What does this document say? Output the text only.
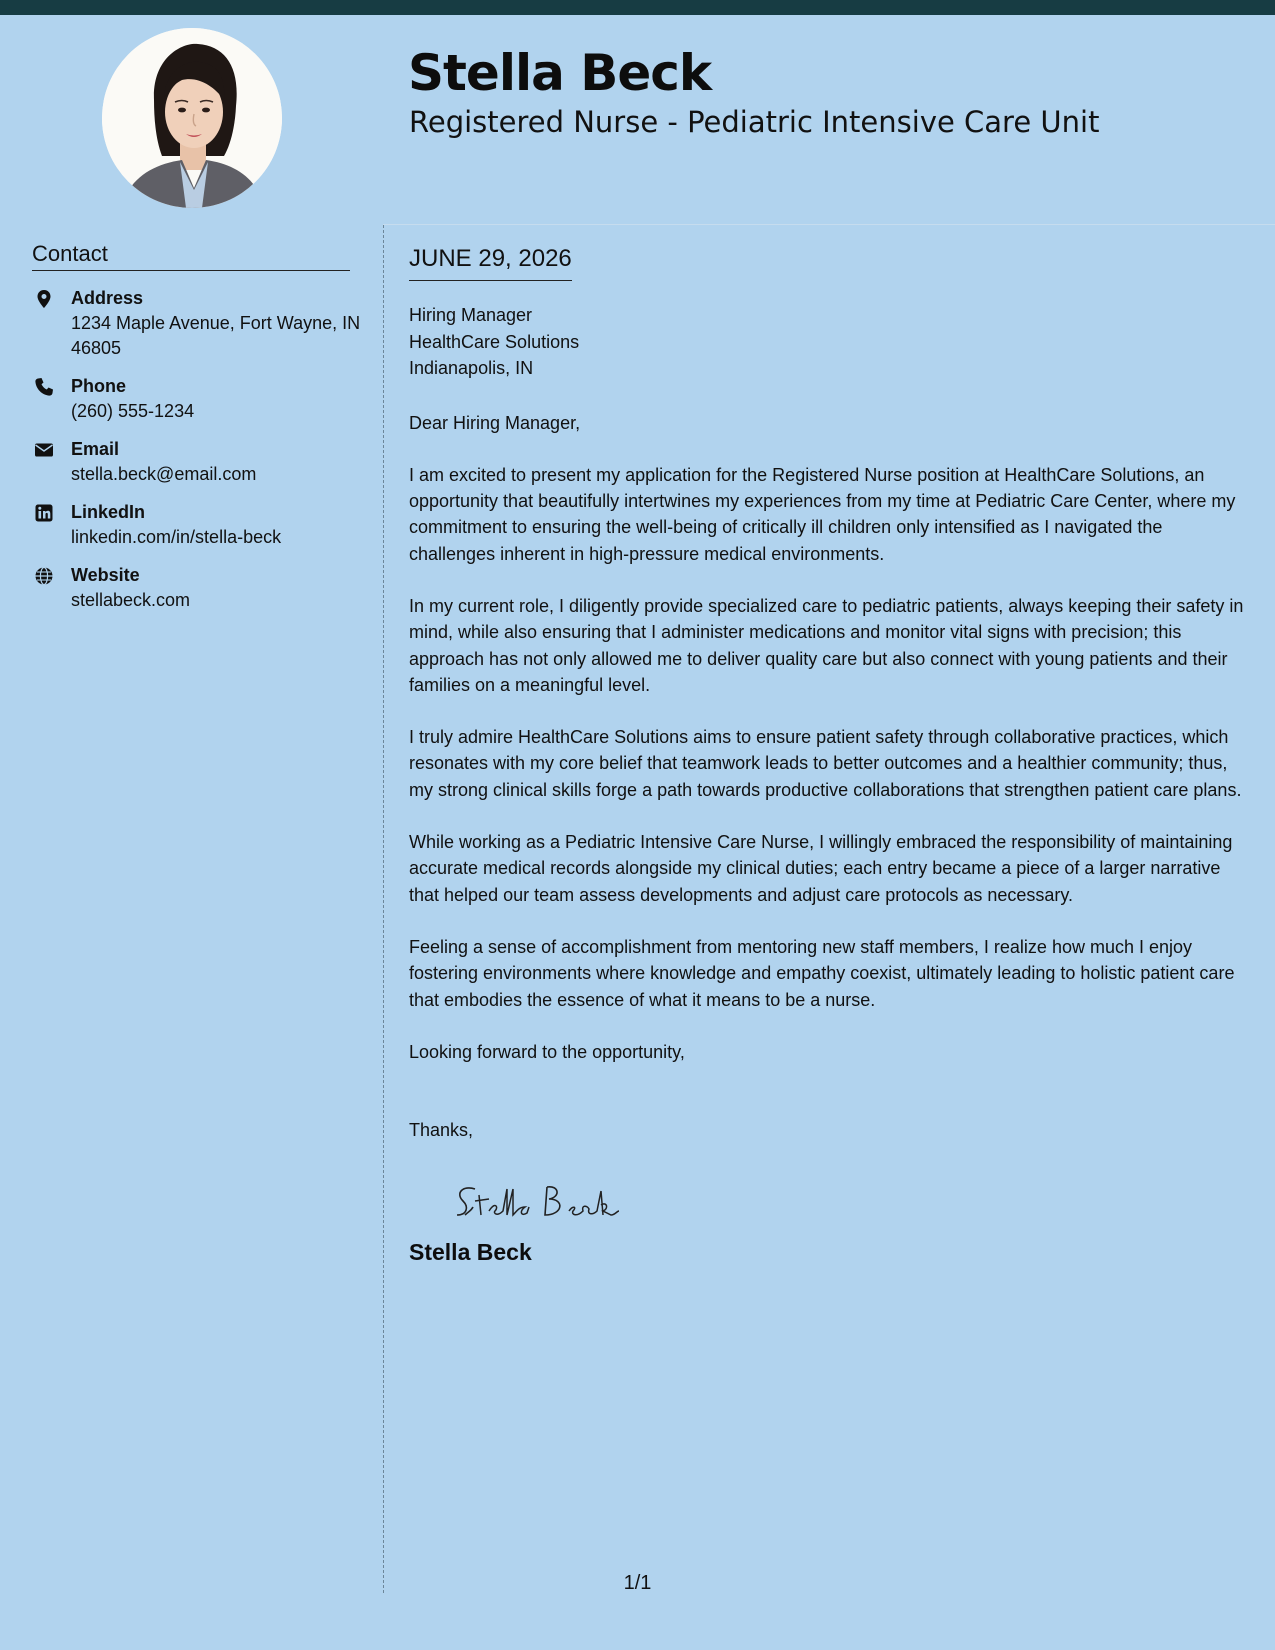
Stella Beck
Registered Nurse - Pediatric Intensive Care Unit
Contact
Address
1234 Maple Avenue, Fort Wayne, IN 46805
Phone
(260) 555-1234
Email
stella.beck@email.com
LinkedIn
linkedin.com/in/stella-beck
Website
stellabeck.com
JUNE 29, 2026
Hiring Manager
HealthCare Solutions
Indianapolis, IN

Dear Hiring Manager,

I am excited to present my application for the Registered Nurse position at HealthCare Solutions, an opportunity that beautifully intertwines my experiences from my time at Pediatric Care Center, where my commitment to ensuring the well-being of critically ill children only intensified as I navigated the challenges inherent in high-pressure medical environments.

In my current role, I diligently provide specialized care to pediatric patients, always keeping their safety in mind, while also ensuring that I administer medications and monitor vital signs with precision; this approach has not only allowed me to deliver quality care but also connect with young patients and their families on a meaningful level.

I truly admire HealthCare Solutions aims to ensure patient safety through collaborative practices, which resonates with my core belief that teamwork leads to better outcomes and a healthier community; thus, my strong clinical skills forge a path towards productive collaborations that strengthen patient care plans.

While working as a Pediatric Intensive Care Nurse, I willingly embraced the responsibility of maintaining accurate medical records alongside my clinical duties; each entry became a piece of a larger narrative that helped our team assess developments and adjust care protocols as necessary.

Feeling a sense of accomplishment from mentoring new staff members, I realize how much I enjoy fostering environments where knowledge and empathy coexist, ultimately leading to holistic patient care that embodies the essence of what it means to be a nurse.

Looking forward to the opportunity,

Thanks,

Stella Beck
1/1
